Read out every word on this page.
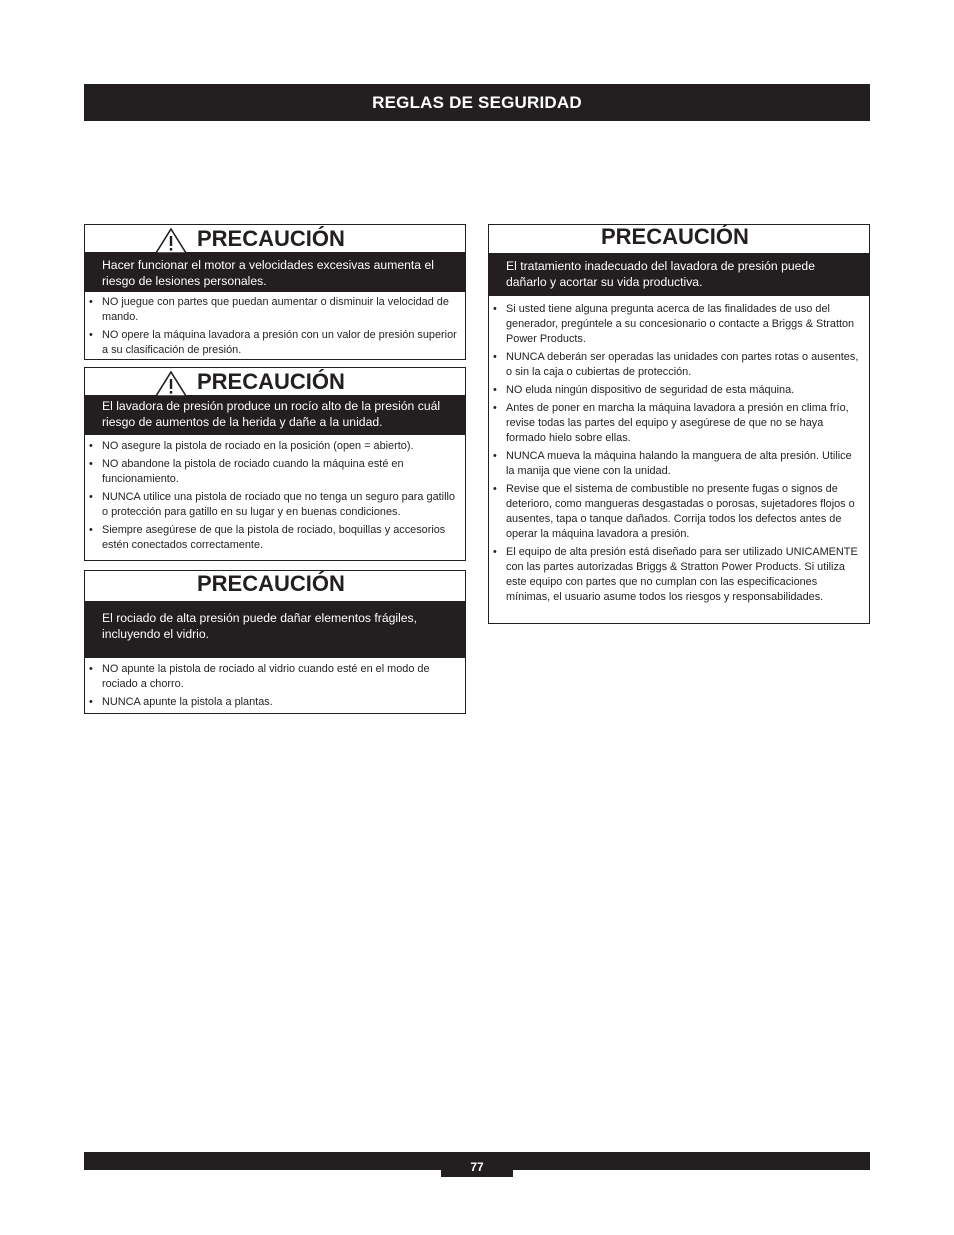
REGLAS DE SEGURIDAD
PRECAUCIÓN
Hacer funcionar el motor a velocidades excesivas aumenta el riesgo de lesiones personales.
• NO juegue con partes que puedan aumentar o disminuir la velocidad de mando.
• NO opere la máquina lavadora a presión con un valor de presión superior a su clasificación de presión.
PRECAUCIÓN
El lavadora de presión produce un rocío alto de la presión cuál riesgo de aumentos de la herida y dañe a la unidad.
• NO asegure la pistola de rociado en la posición (open = abierto).
• NO abandone la pistola de rociado cuando la máquina esté en funcionamiento.
• NUNCA utilice una pistola de rociado que no tenga un seguro para gatillo o protección para gatillo en su lugar y en buenas condiciones.
• Siempre asegúrese de que la pistola de rociado, boquillas y accesorios estén conectados correctamente.
PRECAUCIÓN
El rociado de alta presión puede dañar elementos frágiles, incluyendo el vidrio.
• NO apunte la pistola de rociado al vidrio cuando esté en el modo de rociado a chorro.
• NUNCA apunte la pistola a plantas.
PRECAUCIÓN
El tratamiento inadecuado del lavadora de presión puede dañarlo y acortar su vida productiva.
• Si usted tiene alguna pregunta acerca de las finalidades de uso del generador, pregúntele a su concesionario o contacte a Briggs & Stratton Power Products.
• NUNCA deberán ser operadas las unidades con partes rotas o ausentes, o sin la caja o cubiertas de protección.
• NO eluda ningún dispositivo de seguridad de esta máquina.
• Antes de poner en marcha la máquina lavadora a presión en clima frío, revise todas las partes del equipo y asegúrese de que no se haya formado hielo sobre ellas.
• NUNCA mueva la máquina halando la manguera de alta presión. Utilice la manija que viene con la unidad.
• Revise que el sistema de combustible no presente fugas o signos de deterioro, como mangueras desgastadas o porosas, sujetadores flojos o ausentes, tapa o tanque dañados. Corrija todos los defectos antes de operar la máquina lavadora a presión.
• El equipo de alta presión está diseñado para ser utilizado UNICAMENTE con las partes autorizadas Briggs & Stratton Power Products. Si utiliza este equipo con partes que no cumplan con las especificaciones mínimas, el usuario asume todos los riesgos y responsabilidades.
77
